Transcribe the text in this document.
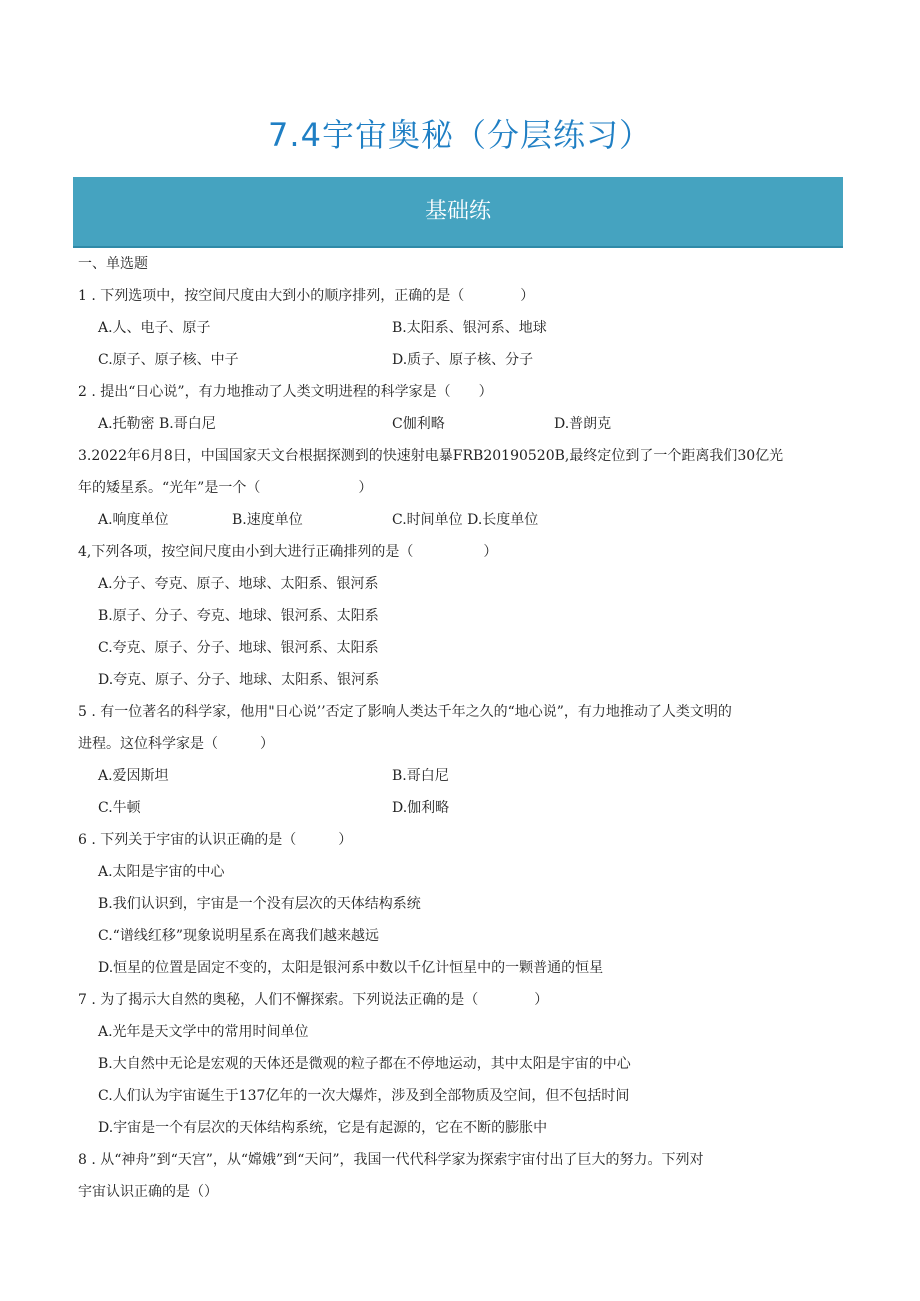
7.4宇宙奥秘（分层练习）
基础练
一、单选题
1 . 下列选项中，按空间尺度由大到小的顺序排列，正确的是（　　　　）
A.人、电子、原子	B.太阳系、银河系、地球
C.原子、原子核、中子	D.质子、原子核、分子
2 . 提出“日心说”，有力地推动了人类文明进程的科学家是（　　）
A.托勒密 B.哥白尼	C伽利略	D.普朗克
3.2022年6月8日，中国国家天文台根据探测到的快速射电暴FRB20190520B,最终定位到了一个距离我们30亿光
年的矮星系。“光年”是一个（　　　　　　　）
A.响度单位	B.速度单位	C.时间单位 D.长度单位
4,下列各项，按空间尺度由小到大进行正确排列的是（　　　　　）
A.分子、夸克、原子、地球、太阳系、银河系
B.原子、分子、夸克、地球、银河系、太阳系
C.夸克、原子、分子、地球、银河系、太阳系
D.夸克、原子、分子、地球、太阳系、银河系
5 . 有一位著名的科学家，他用"日心说’’否定了影响人类达千年之久的“地心说”，有力地推动了人类文明的
进程。这位科学家是（　　　）
A.爱因斯坦	B.哥白尼
C.牛顿	D.伽利略
6 . 下列关于宇宙的认识正确的是（　　　）
A.太阳是宇宙的中心
B.我们认识到，宇宙是一个没有层次的天体结构系统
C.“谱线红移”现象说明星系在离我们越来越远
D.恒星的位置是固定不变的，太阳是银河系中数以千亿计恒星中的一颗普通的恒星
7 . 为了揭示大自然的奥秘，人们不懈探索。下列说法正确的是（　　　　）
A.光年是天文学中的常用时间单位
B.大自然中无论是宏观的天体还是微观的粒子都在不停地运动，其中太阳是宇宙的中心
C.人们认为宇宙诞生于137亿年的一次大爆炸，涉及到全部物质及空间，但不包括时间
D.宇宙是一个有层次的天体结构系统，它是有起源的，它在不断的膨胀中
8 . 从“神舟”到“天宫”，从“嫦娥”到“天问”，我国一代代科学家为探索宇宙付出了巨大的努力。下列对
宇宙认识正确的是（）
